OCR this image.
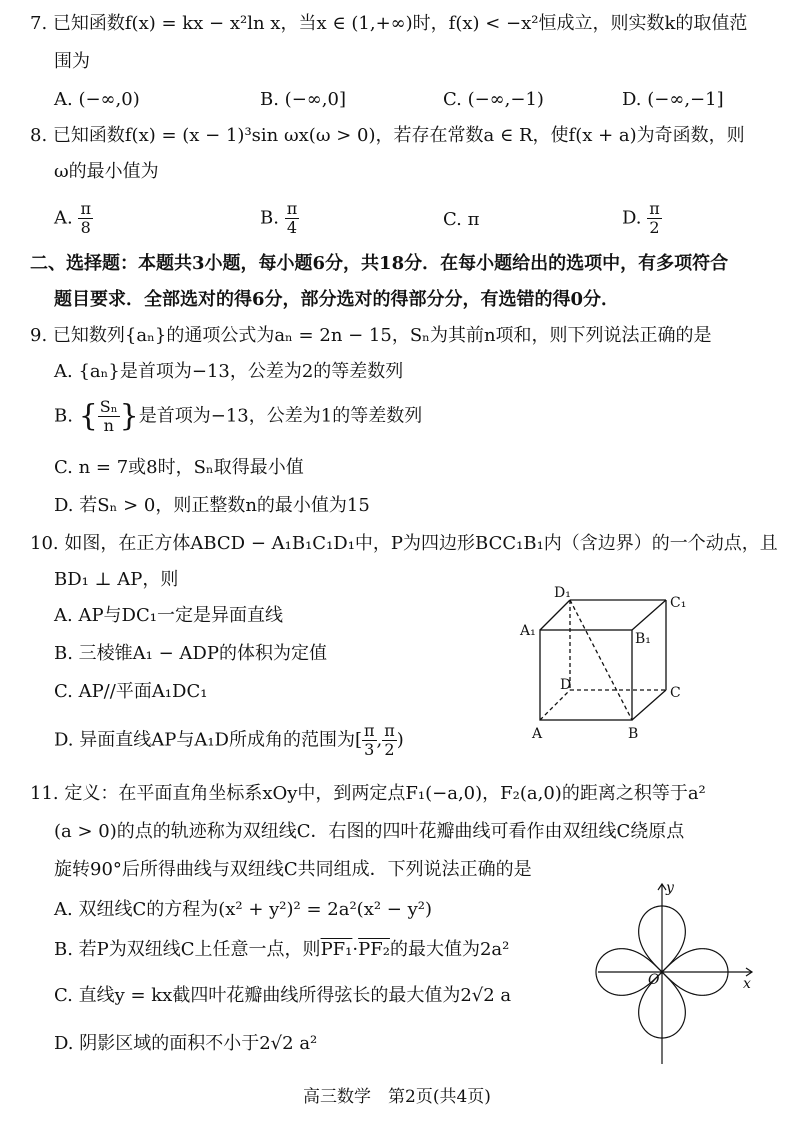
7. 已知函数f(x) = kx − x²ln x，当x ∈ (1,+∞)时，f(x) < −x²恒成立，则实数k的取值范
围为
A. (−∞,0)	B. (−∞,0]	C. (−∞,−1)	D. (−∞,−1]
8. 已知函数f(x) = (x − 1)³sin ωx(ω > 0)，若存在常数a ∈ R，使f(x + a)为奇函数，则
ω的最小值为
A. $\frac{\pi}{8}$	B. $\frac{\pi}{4}$	C. π	D. $\frac{\pi}{2}$
二、选择题：本题共3小题，每小题6分，共18分．在每小题给出的选项中，有多项符合
题目要求．全部选对的得6分，部分选对的得部分分，有选错的得0分．
9. 已知数列{aₙ}的通项公式为aₙ = 2n − 15，Sₙ为其前n项和，则下列说法正确的是
A. {aₙ}是首项为−13，公差为2的等差数列
B. { $\frac{\text{Sₙ}}{n}$ }是首项为−13，公差为1的等差数列
C. n = 7或8时，Sₙ取得最小值
D. 若Sₙ > 0，则正整数n的最小值为15
10. 如图，在正方体ABCD − A₁B₁C₁D₁中，P为四边形BCC₁B₁内（含边界）的一个动点，且
BD₁ ⊥ AP，则
A. AP与DC₁一定是异面直线
B. 三棱锥A₁ − ADP的体积为定值
C. AP//平面A₁DC₁
D. 异面直线AP与A₁D所成角的范围为[ $\frac{\pi}{3}$ , $\frac{\pi}{2}$ )
D₁
C₁
A₁	B₁
D	C
A	B
11. 定义：在平面直角坐标系xOy中，到两定点F₁(−a,0)，F₂(a,0)的距离之积等于a²
(a > 0)的点的轨迹称为双纽线C．右图的四叶花瓣曲线可看作由双纽线C绕原点
旋转90°后所得曲线与双纽线C共同组成．下列说法正确的是
A. 双纽线C的方程为(x² + y²)² = 2a²(x² − y²)
B. 若P为双纽线C上任意一点，则PF₁·PF₂的最大值为2a²
C. 直线y = kx截四叶花瓣曲线所得弦长的最大值为2√2 a
D. 阴影区域的面积不小于2√2 a²
y
x
O
高三数学　第2页(共4页)
